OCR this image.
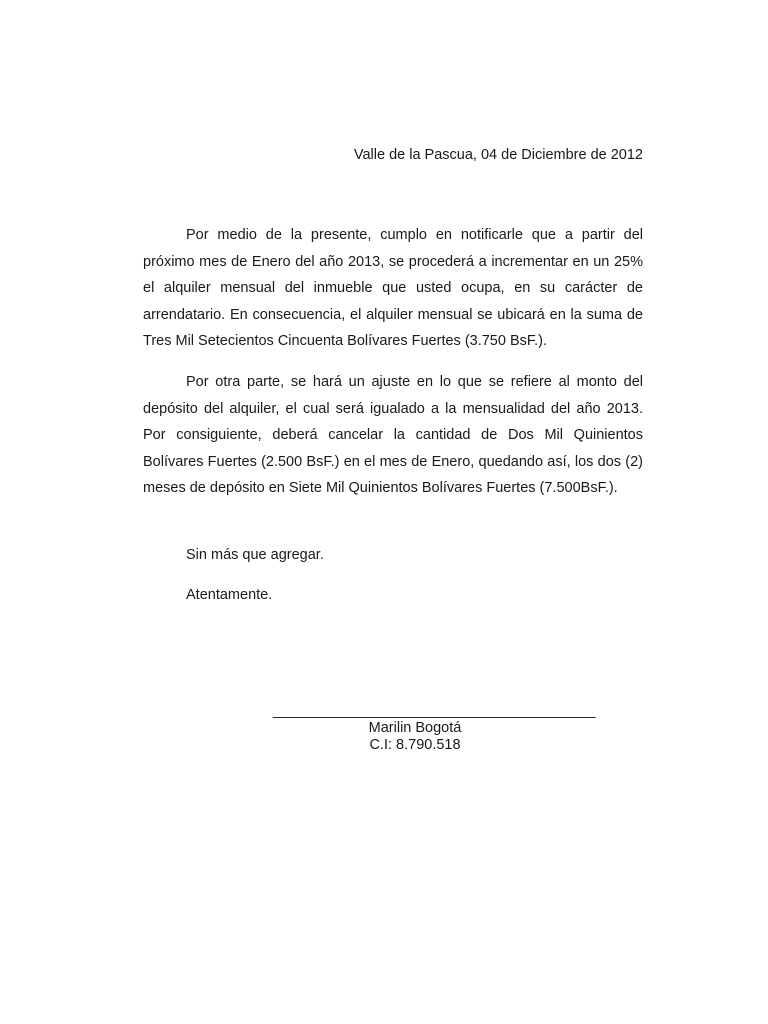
Valle de la Pascua, 04 de Diciembre de 2012

Por medio de la presente, cumplo en notificarle que a partir del próximo mes de Enero del año 2013, se procederá a incrementar en un 25% el alquiler mensual del inmueble que usted ocupa, en su carácter de arrendatario. En consecuencia, el alquiler mensual se ubicará en la suma de Tres Mil Setecientos Cincuenta Bolívares Fuertes (3.750 BsF.).

Por otra parte, se hará un ajuste en lo que se refiere al monto del depósito del alquiler, el cual será igualado a la mensualidad del año 2013. Por consiguiente, deberá cancelar la cantidad de Dos Mil Quinientos Bolívares Fuertes (2.500 BsF.) en el mes de Enero, quedando así, los dos (2) meses de depósito en Siete Mil Quinientos Bolívares Fuertes (7.500BsF.).

Sin más que agregar.
Atentamente.
________________________________________
Marilin Bogotá
C.I: 8.790.518
